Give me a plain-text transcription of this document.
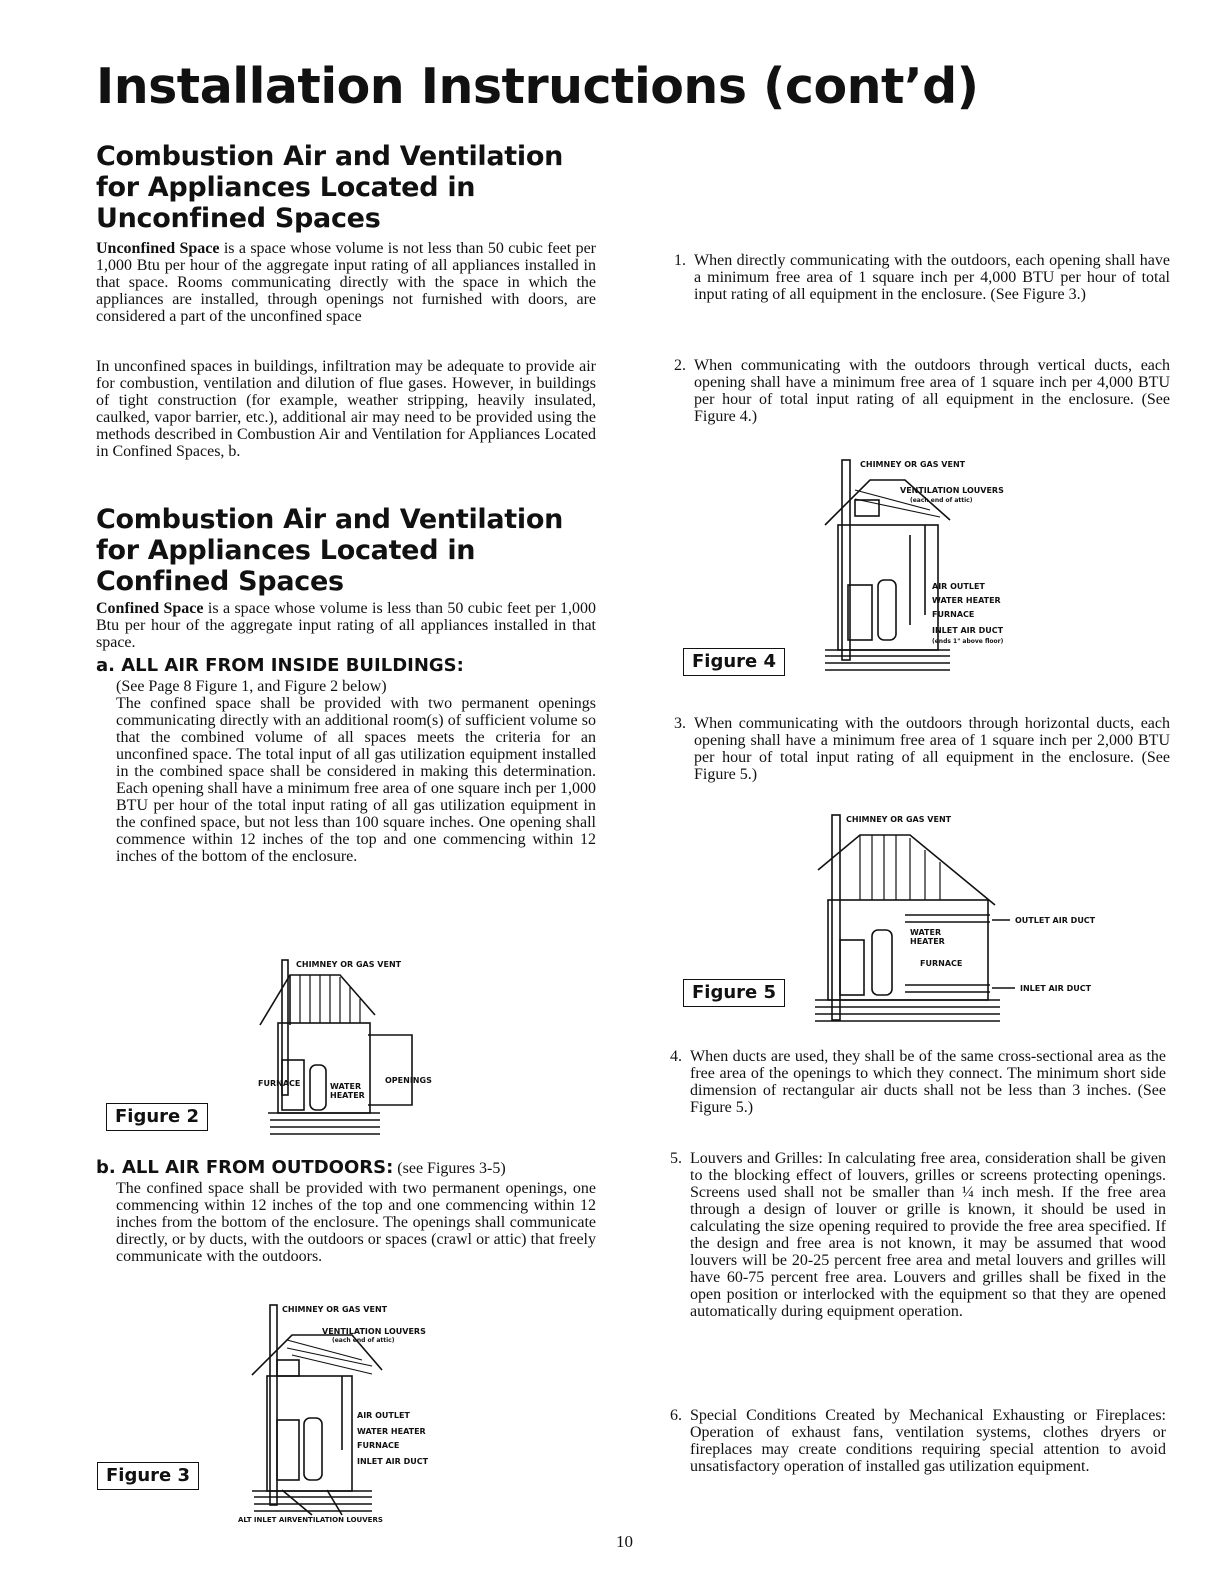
Installation Instructions (cont’d)
Combustion Air and Ventilation
for Appliances Located in
Unconfined Spaces

Unconfined Space is a space whose volume is not less than 50 cubic feet per 1,000 Btu per hour of the aggregate input rating of all appliances installed in that space. Rooms communicating directly with the space in which the appliances are installed, through openings not furnished with doors, are considered a part of the unconfined space

In unconfined spaces in buildings, infiltration may be adequate to provide air for combustion, ventilation and dilution of flue gases. However, in buildings of tight construction (for example, weather stripping, heavily insulated, caulked, vapor barrier, etc.), additional air may need to be provided using the methods described in Combustion Air and Ventilation for Appliances Located in Confined Spaces, b.

Combustion Air and Ventilation
for Appliances Located in
Confined Spaces

Confined Space is a space whose volume is less than 50 cubic feet per 1,000 Btu per hour of the aggregate input rating of all appliances installed in that space.

a. ALL AIR FROM INSIDE BUILDINGS:

(See Page 8 Figure 1, and Figure 2 below)

The confined space shall be provided with two permanent openings communicating directly with an additional room(s) of sufficient volume so that the combined volume of all spaces meets the criteria for an unconfined space. The total input of all gas utilization equipment installed in the combined space shall be considered in making this determination. Each opening shall have a minimum free area of one square inch per 1,000 BTU per hour of the total input rating of all gas utilization equipment in the confined space, but not less than 100 square inches. One opening shall commence within 12 inches of the top and one commencing within 12 inches of the bottom of the enclosure.

CHIMNEY OR GAS VENT
FURNACE	WATER
HEATER
OPENINGS
Figure 2

b. ALL AIR FROM OUTDOORS: (see Figures 3-5)

The confined space shall be provided with two permanent openings, one commencing within 12 inches of the top and one commencing within 12 inches from the bottom of the enclosure. The openings shall communicate directly, or by ducts, with the outdoors or spaces (crawl or attic) that freely communicate with the outdoors.

CHIMNEY OR GAS VENT
VENTILATION LOUVERS
(each end of attic)
AIR OUTLET
WATER HEATER
FURNACE
INLET AIR DUCT
ALT INLET AIR VENTILATION LOUVERS
Figure 3

1. When directly communicating with the outdoors, each opening shall have a minimum free area of 1 square inch per 4,000 BTU per hour of total input rating of all equipment in the enclosure. (See Figure 3.)

2. When communicating with the outdoors through vertical ducts, each opening shall have a minimum free area of 1 square inch per 4,000 BTU per hour of total input rating of all equipment in the enclosure. (See Figure 4.)

CHIMNEY OR GAS VENT
VENTILATION LOUVERS
(each end of attic)
AIR OUTLET
WATER HEATER
FURNACE
INLET AIR DUCT
(ends 1" above floor)
Figure 4

3. When communicating with the outdoors through horizontal ducts, each opening shall have a minimum free area of 1 square inch per 2,000 BTU per hour of total input rating of all equipment in the enclosure. (See Figure 5.)

CHIMNEY OR GAS VENT
OUTLET AIR DUCT
WATER
HEATER
FURNACE
INLET AIR DUCT
Figure 5

4. When ducts are used, they shall be of the same cross-sectional area as the free area of the openings to which they connect. The minimum short side dimension of rectangular air ducts shall not be less than 3 inches. (See Figure 5.)

5. Louvers and Grilles: In calculating free area, consideration shall be given to the blocking effect of louvers, grilles or screens protecting openings. Screens used shall not be smaller than ¼ inch mesh. If the free area through a design of louver or grille is known, it should be used in calculating the size opening required to provide the free area specified. If the design and free area is not known, it may be assumed that wood louvers will be 20-25 percent free area and metal louvers and grilles will have 60-75 percent free area. Louvers and grilles shall be fixed in the open position or interlocked with the equipment so that they are opened automatically during equipment operation.

6. Special Conditions Created by Mechanical Exhausting or Fireplaces: Operation of exhaust fans, ventilation systems, clothes dryers or fireplaces may create conditions requiring special attention to avoid unsatisfactory operation of installed gas utilization equipment.

10
